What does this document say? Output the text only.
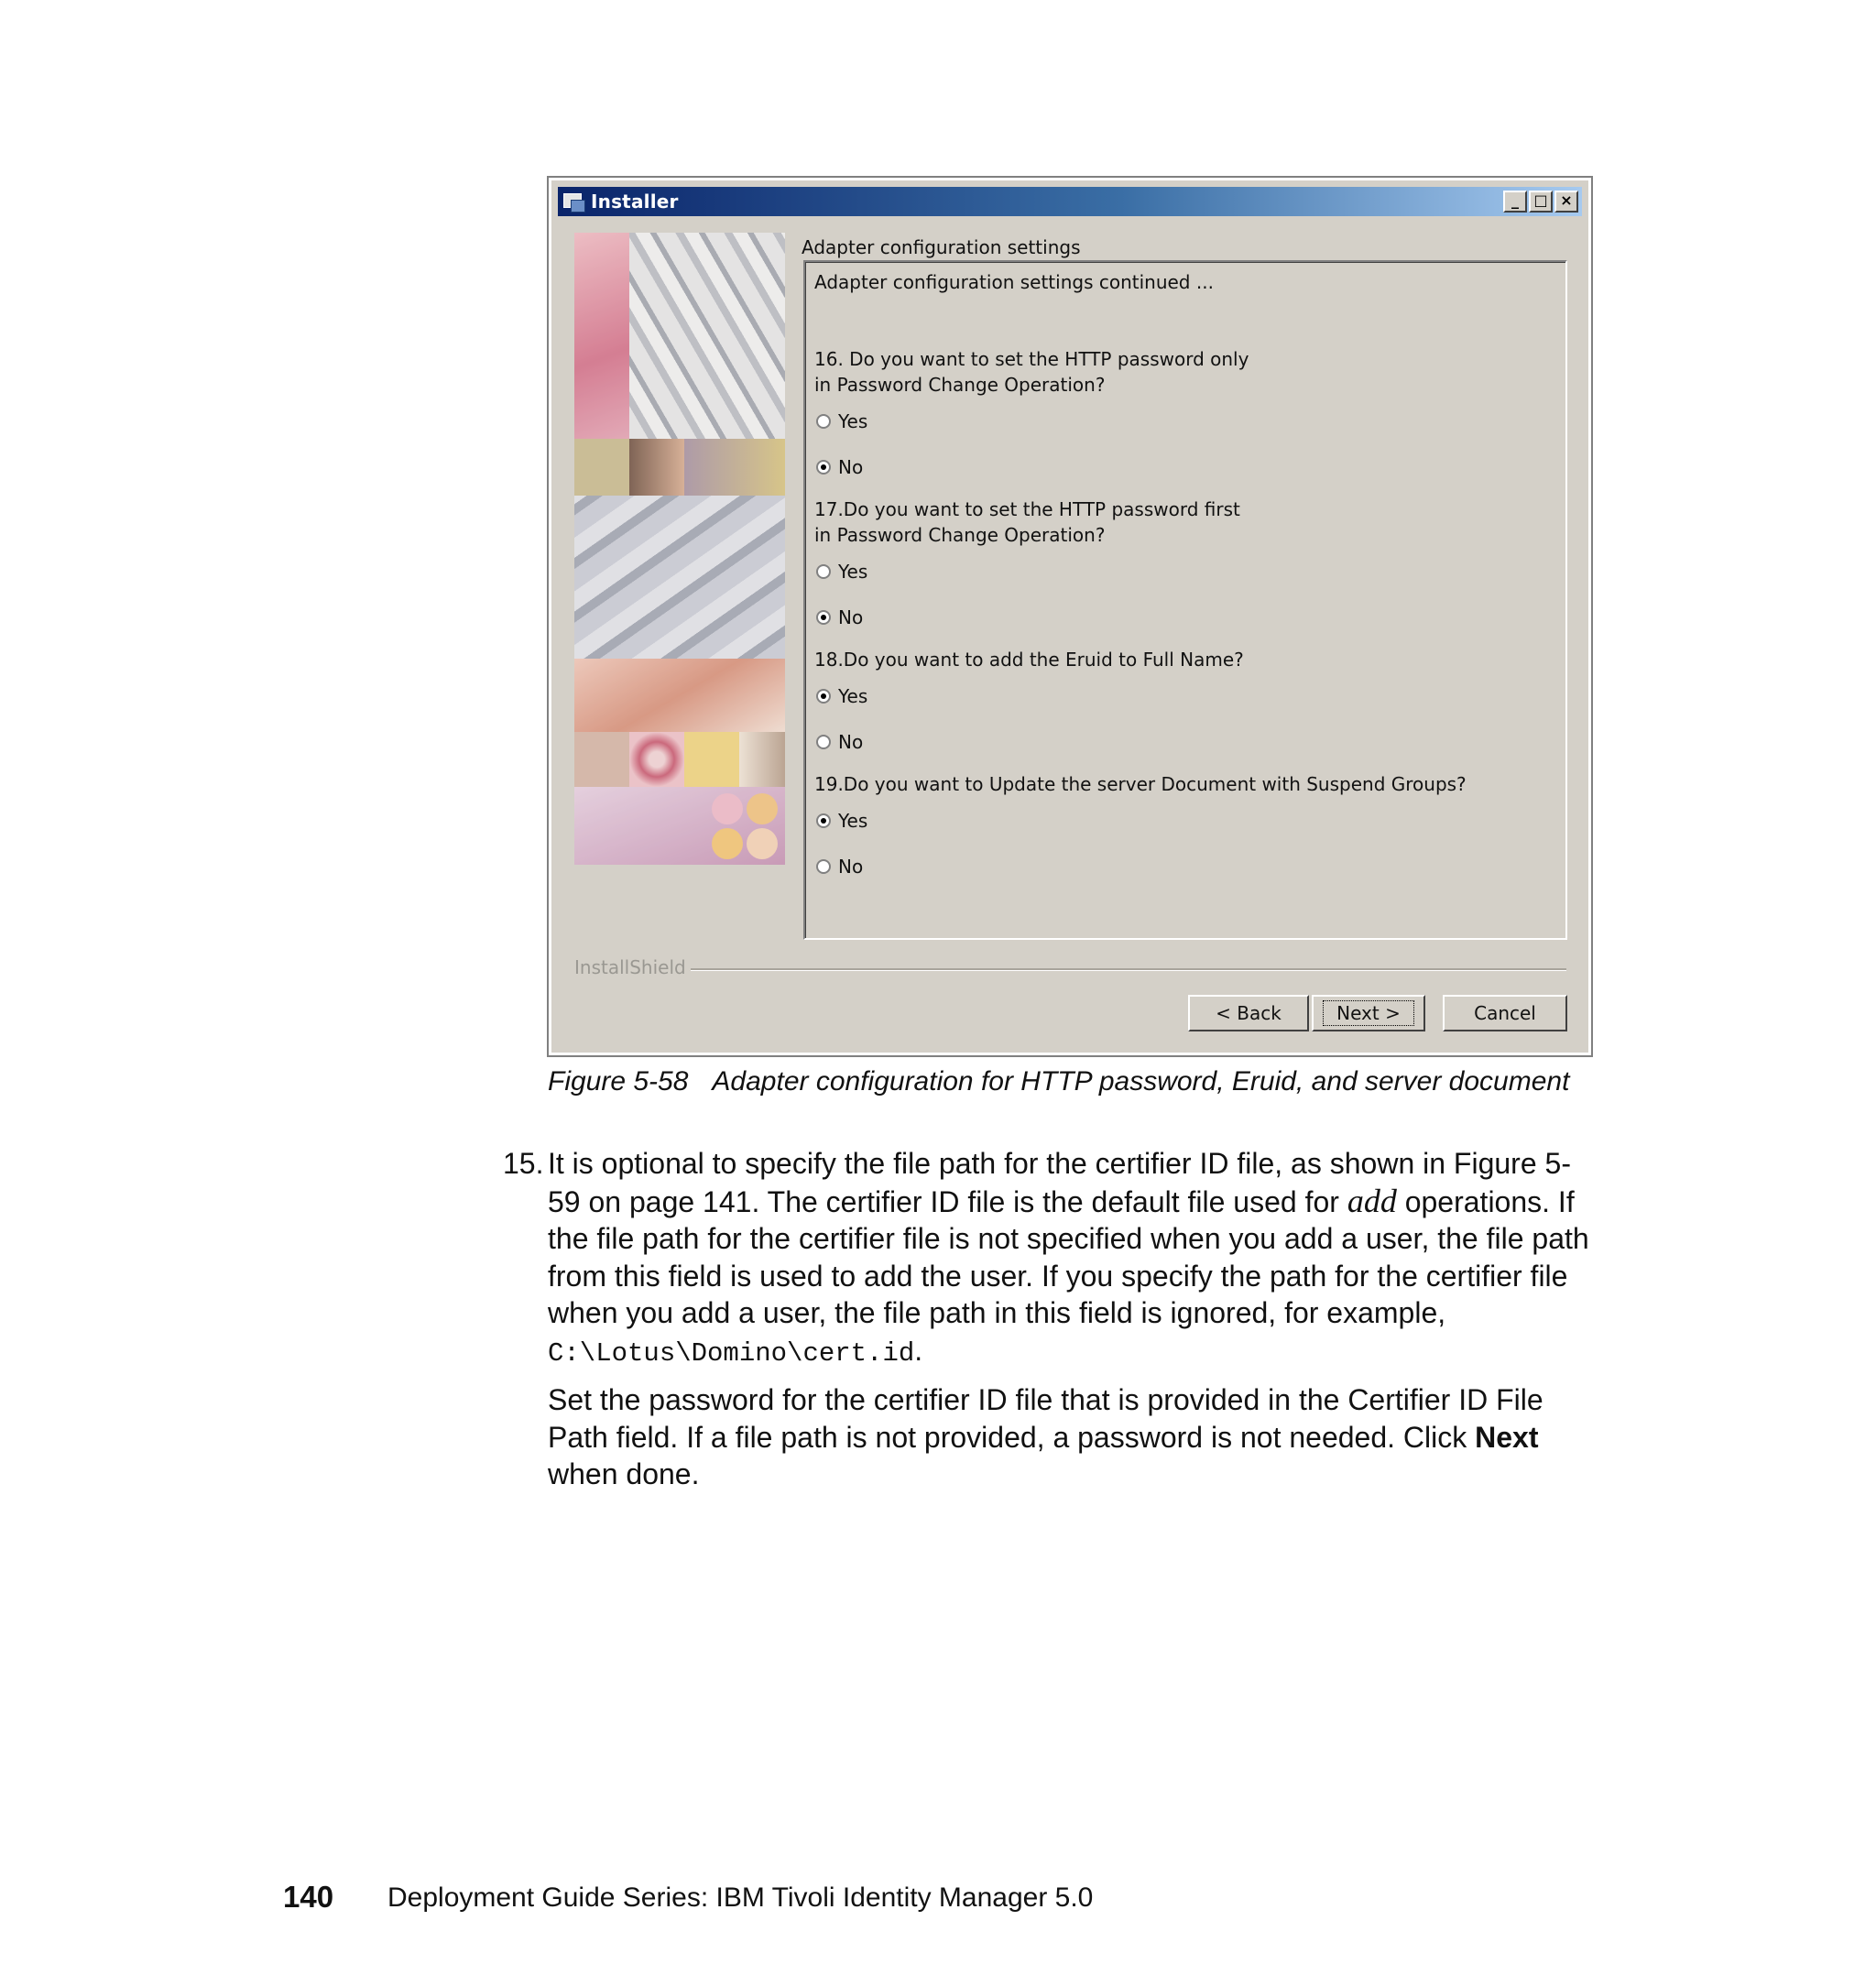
Installer	_	□ ×
Adapter configuration settings
Adapter configuration settings continued ...
16. Do you want to set the HTTP password only
in Password Change Operation?
Yes
No
17.Do you want to set the HTTP password first
in Password Change Operation?
Yes
No
18.Do you want to add the Eruid to Full Name?
Yes
No
19.Do you want to Update the server Document with Suspend Groups?
Yes
No
InstallShield
< Back	Next >	Cancel
Figure 5-58 Adapter configuration for HTTP password, Eruid, and server document
15. It is optional to specify the file path for the certifier ID file, as shown in Figure 5-59 on page 141. The certifier ID file is the default file used for add operations. If the file path for the certifier file is not specified when you add a user, the file path from this field is used to add the user. If you specify the path for the certifier file when you add a user, the file path in this field is ignored, for example, C:\Lotus\Domino\cert.id.
Set the password for the certifier ID file that is provided in the Certifier ID File Path field. If a file path is not provided, a password is not needed. Click Next when done.
140 Deployment Guide Series: IBM Tivoli Identity Manager 5.0
